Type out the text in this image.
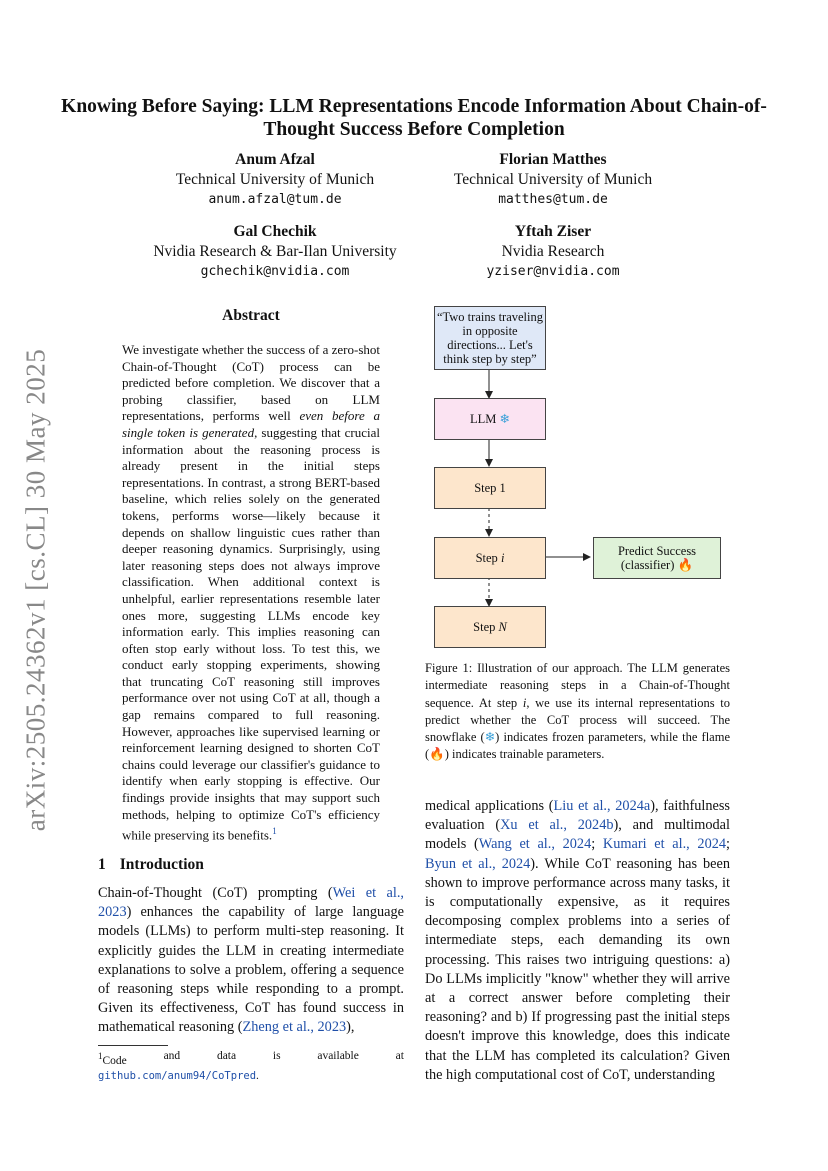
arXiv:2505.24362v1 [cs.CL] 30 May 2025
Knowing Before Saying: LLM Representations Encode Information About Chain-of-Thought Success Before Completion
Anum Afzal
Technical University of Munich
anum.afzal@tum.de
Florian Matthes
Technical University of Munich
matthes@tum.de
Gal Chechik
Nvidia Research & Bar-Ilan University
gchechik@nvidia.com
Yftah Ziser
Nvidia Research
yziser@nvidia.com
Abstract
We investigate whether the success of a zero-shot Chain-of-Thought (CoT) process can be predicted before completion. We discover that a probing classifier, based on LLM representations, performs well even before a single token is generated, suggesting that crucial information about the reasoning process is already present in the initial steps representations. In contrast, a strong BERT-based baseline, which relies solely on the generated tokens, performs worse—likely because it depends on shallow linguistic cues rather than deeper reasoning dynamics. Surprisingly, using later reasoning steps does not always improve classification. When additional context is unhelpful, earlier representations resemble later ones more, suggesting LLMs encode key information early. This implies reasoning can often stop early without loss. To test this, we conduct early stopping experiments, showing that truncating CoT reasoning still improves performance over not using CoT at all, though a gap remains compared to full reasoning. However, approaches like supervised learning or reinforcement learning designed to shorten CoT chains could leverage our classifier's guidance to identify when early stopping is effective. Our findings provide insights that may support such methods, helping to optimize CoT's efficiency while preserving its benefits.$^1$
1 Introduction
Chain-of-Thought (CoT) prompting (Wei et al., 2023) enhances the capability of large language models (LLMs) to perform multi-step reasoning. It explicitly guides the LLM in creating intermediate explanations to solve a problem, offering a sequence of reasoning steps while responding to a prompt. Given its effectiveness, CoT has found success in mathematical reasoning (Zheng et al., 2023),
$^1$Code	and	data	is	available	at
github.com/anum94/CoTpred.
“Two trains traveling in opposite directions... Let's think step by step”
LLM
❄
Step 1
Step
i
Step
N
Predict Success
(classifier) 🔥
Figure 1: Illustration of our approach. The LLM generates intermediate reasoning steps in a Chain-of-Thought sequence. At step i, we use its internal representations to predict whether the CoT process will succeed. The snowflake (❄) indicates frozen parameters, while the flame (🔥) indicates trainable parameters.
medical applications (Liu et al., 2024a), faithfulness evaluation (Xu et al., 2024b), and multimodal models (Wang et al., 2024; Kumari et al., 2024; Byun et al., 2024). While CoT reasoning has been shown to improve performance across many tasks, it is computationally expensive, as it requires decomposing complex problems into a series of intermediate steps, each demanding its own processing. This raises two intriguing questions: a) Do LLMs implicitly "know" whether they will arrive at a correct answer before completing their reasoning? and b) If progressing past the initial steps doesn't improve this knowledge, does this indicate that the LLM has completed its calculation? Given the high computational cost of CoT, understanding
